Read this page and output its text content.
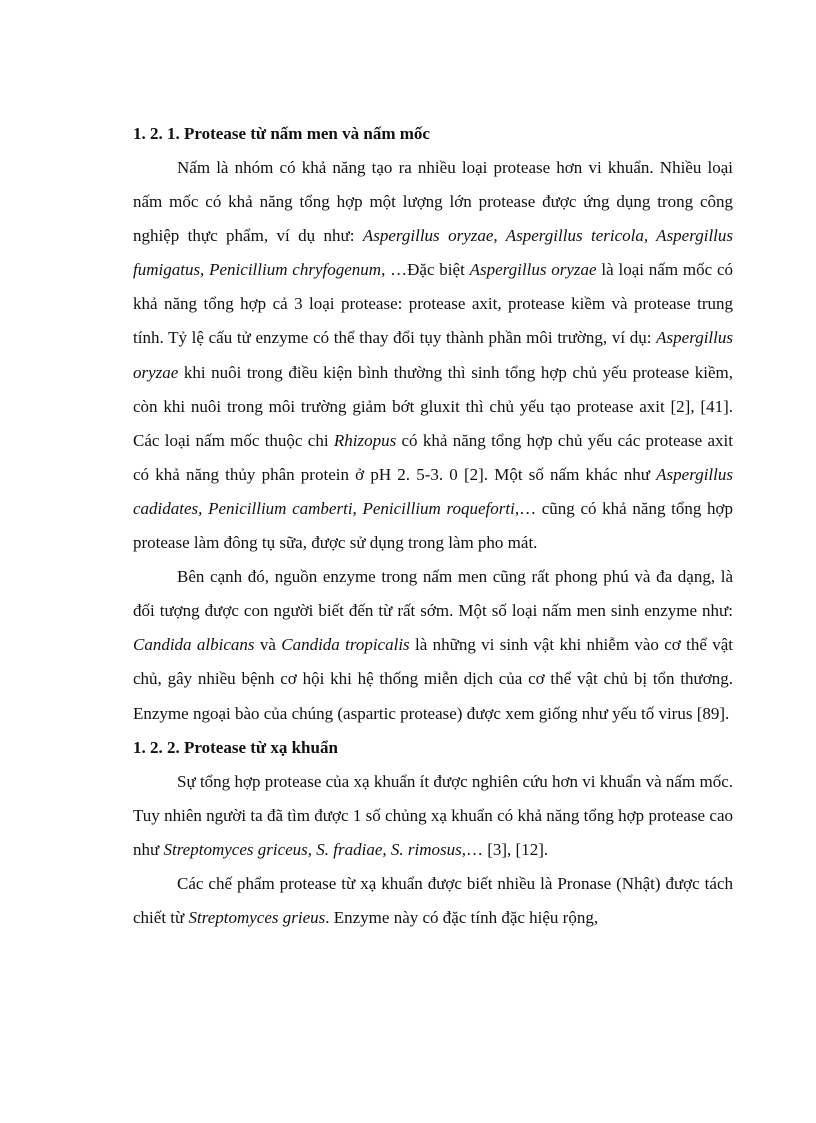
1. 2. 1. Protease từ nấm men và nấm mốc

Nấm là nhóm có khả năng tạo ra nhiều loại protease hơn vi khuẩn. Nhiều loại nấm mốc có khả năng tổng hợp một lượng lớn protease được ứng dụng trong công nghiệp thực phẩm, ví dụ như: Aspergillus oryzae, Aspergillus tericola, Aspergillus fumigatus, Penicillium chryfogenum, …Đặc biệt Aspergillus oryzae là loại nấm mốc có khả năng tổng hợp cả 3 loại protease: protease axit, protease kiềm và protease trung tính. Tỷ lệ cấu tử enzyme có thể thay đổi tụy thành phần môi trường, ví dụ: Aspergillus oryzae khi nuôi trong điều kiện bình thường thì sinh tổng hợp chủ yếu protease kiềm, còn khi nuôi trong môi trường giảm bớt gluxit thì chủ yếu tạo protease axit [2], [41]. Các loại nấm mốc thuộc chi Rhizopus có khả năng tổng hợp chủ yếu các protease axit có khả năng thủy phân protein ở pH 2. 5-3. 0 [2]. Một số nấm khác như Aspergillus cadidates, Penicillium camberti, Penicillium roqueforti,… cũng có khả năng tổng hợp protease làm đông tụ sữa, được sử dụng trong làm pho mát.

Bên cạnh đó, nguồn enzyme trong nấm men cũng rất phong phú và đa dạng, là đối tượng được con người biết đến từ rất sớm. Một số loại nấm men sinh enzyme như: Candida albicans và Candida tropicalis là những vi sinh vật khi nhiễm vào cơ thể vật chủ, gây nhiều bệnh cơ hội khi hệ thống miễn dịch của cơ thể vật chủ bị tổn thương. Enzyme ngoại bào của chúng (aspartic protease) được xem giống như yếu tố virus [89].

1. 2. 2. Protease từ xạ khuẩn

Sự tổng hợp protease của xạ khuẩn ít được nghiên cứu hơn vi khuẩn và nấm mốc. Tuy nhiên người ta đã tìm được 1 số chủng xạ khuẩn có khả năng tổng hợp protease cao như Streptomyces griceus, S. fradiae, S. rimosus,… [3], [12].

Các chế phẩm protease từ xạ khuẩn được biết nhiều là Pronase (Nhật) được tách chiết từ Streptomyces grieus. Enzyme này có đặc tính đặc hiệu rộng,
